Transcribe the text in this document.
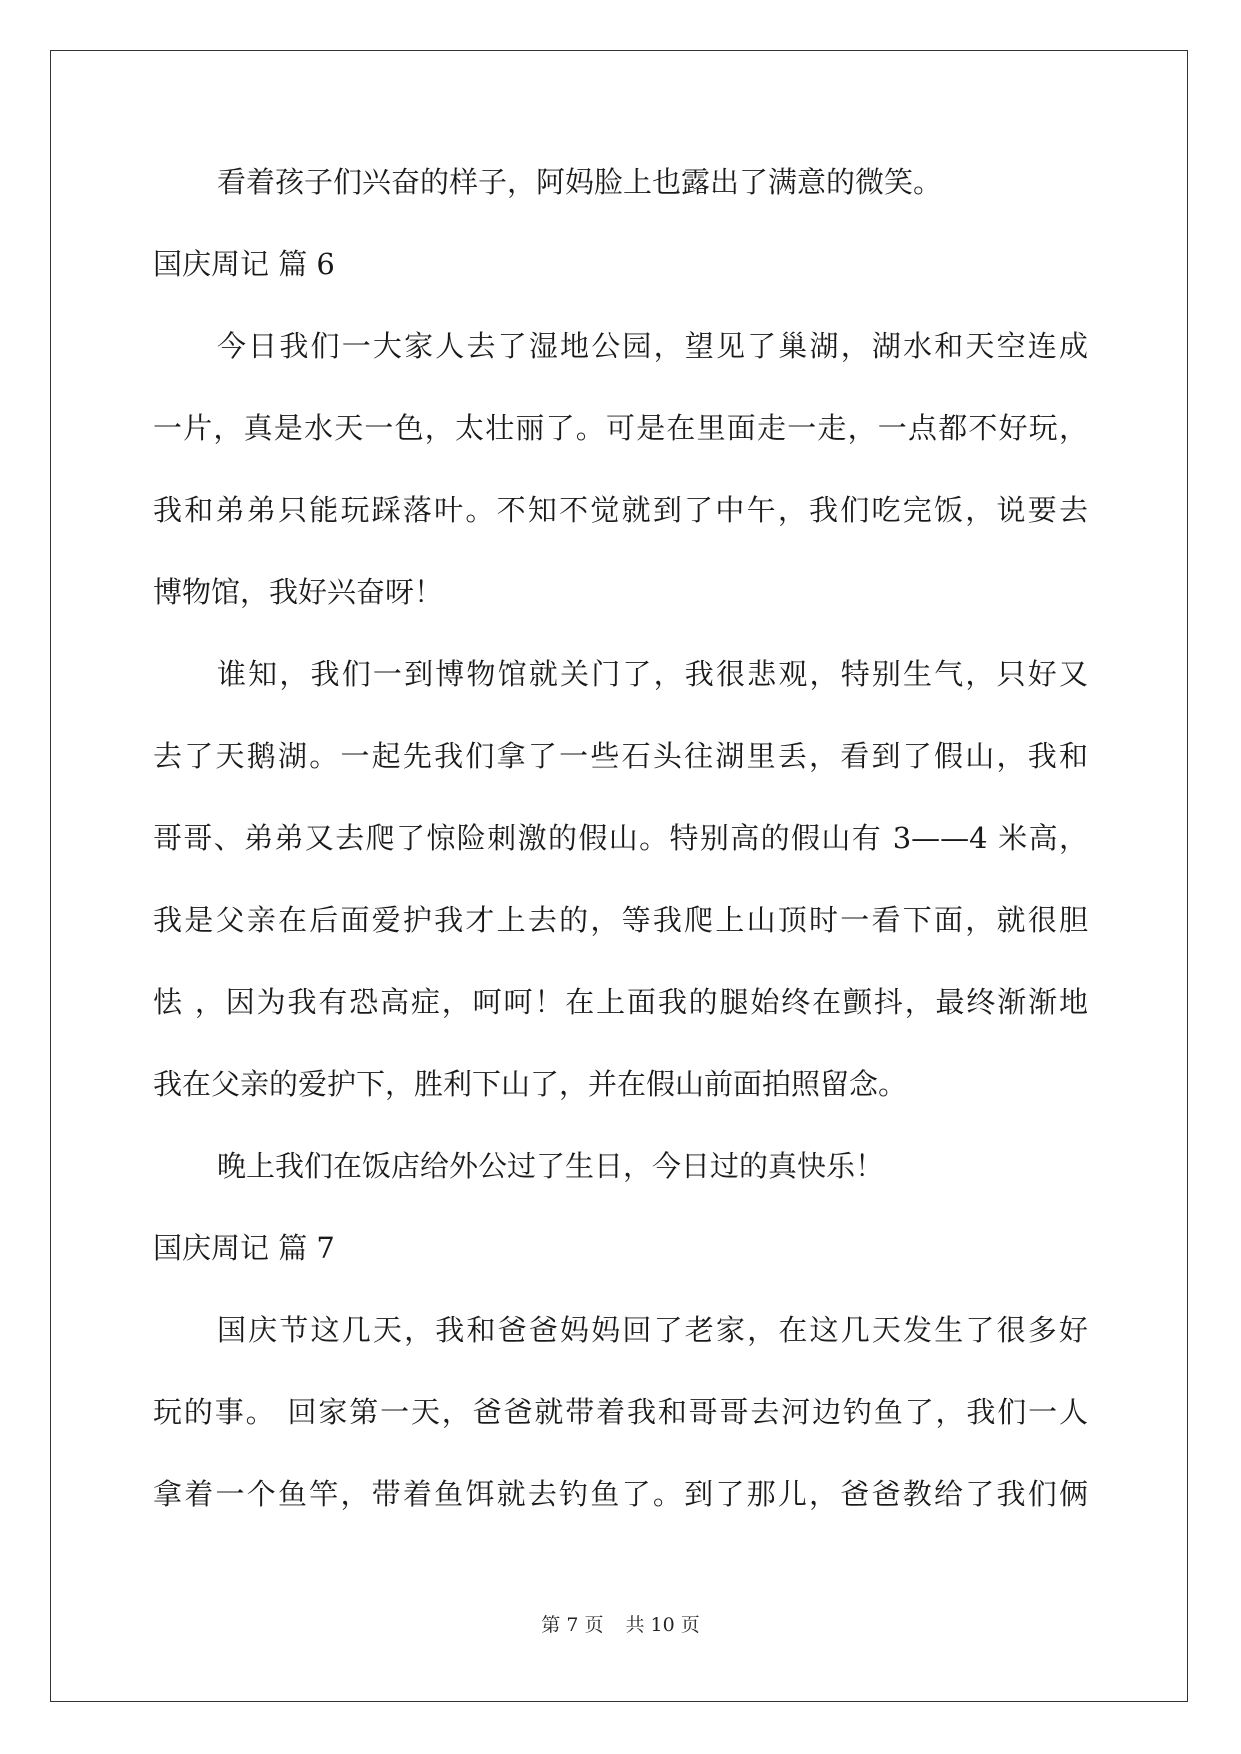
看着孩子们兴奋的样子，阿妈脸上也露出了满意的微笑。
国庆周记 篇 6
今日我们一大家人去了湿地公园，望见了巢湖，湖水和天空连成
一片，真是水天一色，太壮丽了。可是在里面走一走，一点都不好玩，
我和弟弟只能玩踩落叶。不知不觉就到了中午，我们吃完饭，说要去
博物馆，我好兴奋呀！
谁知，我们一到博物馆就关门了，我很悲观，特别生气，只好又
去了天鹅湖。一起先我们拿了一些石头往湖里丢，看到了假山，我和
哥哥、弟弟又去爬了惊险刺激的假山。特别高的假山有 3——4 米高，
我是父亲在后面爱护我才上去的，等我爬上山顶时一看下面，就很胆
怯 ，因为我有恐高症，呵呵！在上面我的腿始终在颤抖，最终渐渐地
我在父亲的爱护下，胜利下山了，并在假山前面拍照留念。
晚上我们在饭店给外公过了生日，今日过的真快乐！
国庆周记 篇 7
国庆节这几天，我和爸爸妈妈回了老家，在这几天发生了很多好
玩的事。 回家第一天，爸爸就带着我和哥哥去河边钓鱼了，我们一人
拿着一个鱼竿，带着鱼饵就去钓鱼了。到了那儿，爸爸教给了我们俩
第 7 页 共 10 页
